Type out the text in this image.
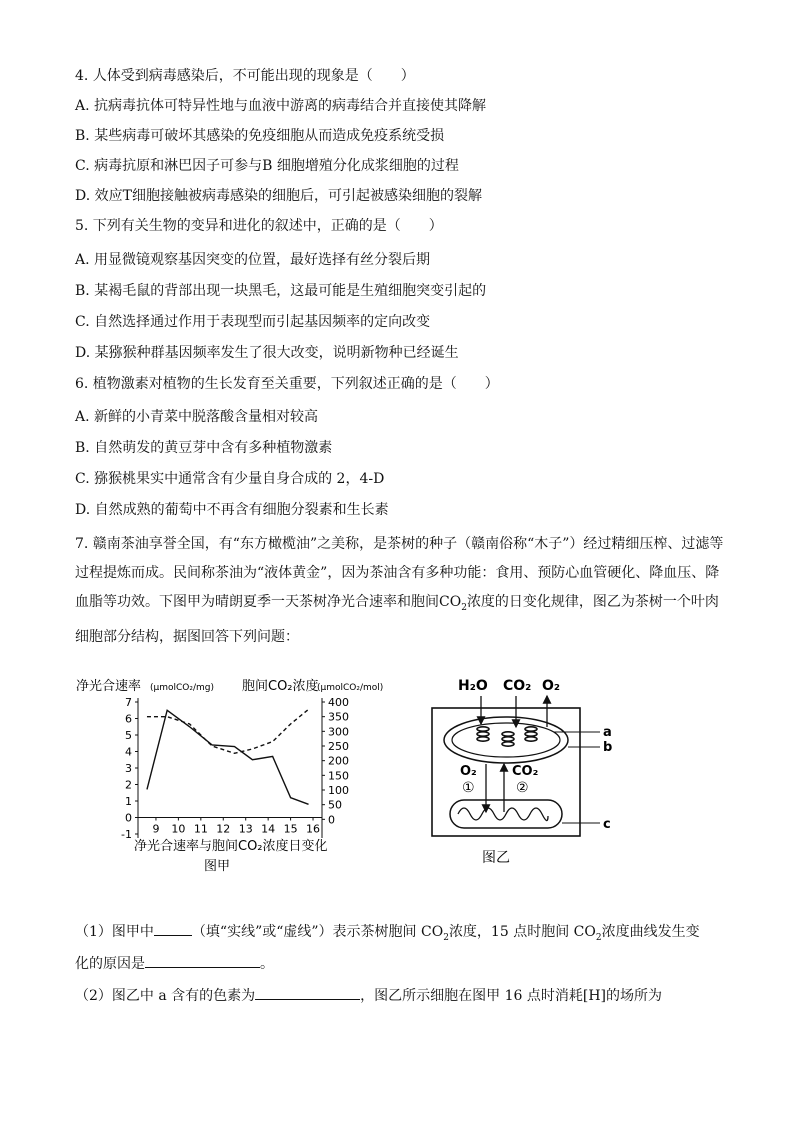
4. 人体受到病毒感染后，不可能出现的现象是（　　）
A. 抗病毒抗体可特异性地与血液中游离的病毒结合并直接使其降解
B. 某些病毒可破坏其感染的免疫细胞从而造成免疫系统受损
C. 病毒抗原和淋巴因子可参与B 细胞增殖分化成浆细胞的过程
D. 效应T细胞接触被病毒感染的细胞后，可引起被感染细胞的裂解
5. 下列有关生物的变异和进化的叙述中，正确的是（　　）
A. 用显微镜观察基因突变的位置，最好选择有丝分裂后期
B. 某褐毛鼠的背部出现一块黑毛，这最可能是生殖细胞突变引起的
C. 自然选择通过作用于表现型而引起基因频率的定向改变
D. 某猕猴种群基因频率发生了很大改变，说明新物种已经诞生
6. 植物激素对植物的生长发育至关重要，下列叙述正确的是（　　）
A. 新鲜的小青菜中脱落酸含量相对较高
B. 自然萌发的黄豆芽中含有多种植物激素
C. 猕猴桃果实中通常含有少量自身合成的 2，4-D
D. 自然成熟的葡萄中不再含有细胞分裂素和生长素
7. 赣南茶油享誉全国，有“东方橄榄油”之美称，是茶树的种子（赣南俗称“木子”）经过精细压榨、过滤等过程提炼而成。民间称茶油为“液体黄金”，因为茶油含有多种功能：食用、预防心血管硬化、降血压、降血脂等功效。下图甲为晴朗夏季一天茶树净光合速率和胞间$CO_2$浓度的日变化规律，图乙为茶树一个叶肉细胞部分结构，据图回答下列问题：
-1
0
1
2
3
4
5
6
7
0
50
100
150
200
250
300
350
400
9 10 11 12 13 14 15 16
净光合速率 (μmolCO₂/mg) 胞间CO₂浓度
(μmolCO₂/mol)
净光合速率与胞间CO₂浓度日变化
图甲
H₂O CO₂ O₂
O₂	CO₂
①	②
a
b
c
图乙
（1）图甲中	（填“实线”或“虚线”）表示茶树胞间 $CO_2$浓度，15 点时胞间 $CO_2$浓度曲线发生变
化的原因是	。
（2）图乙中 a 含有的色素为	，图乙所示细胞在图甲 16 点时消耗[H]的场所为
